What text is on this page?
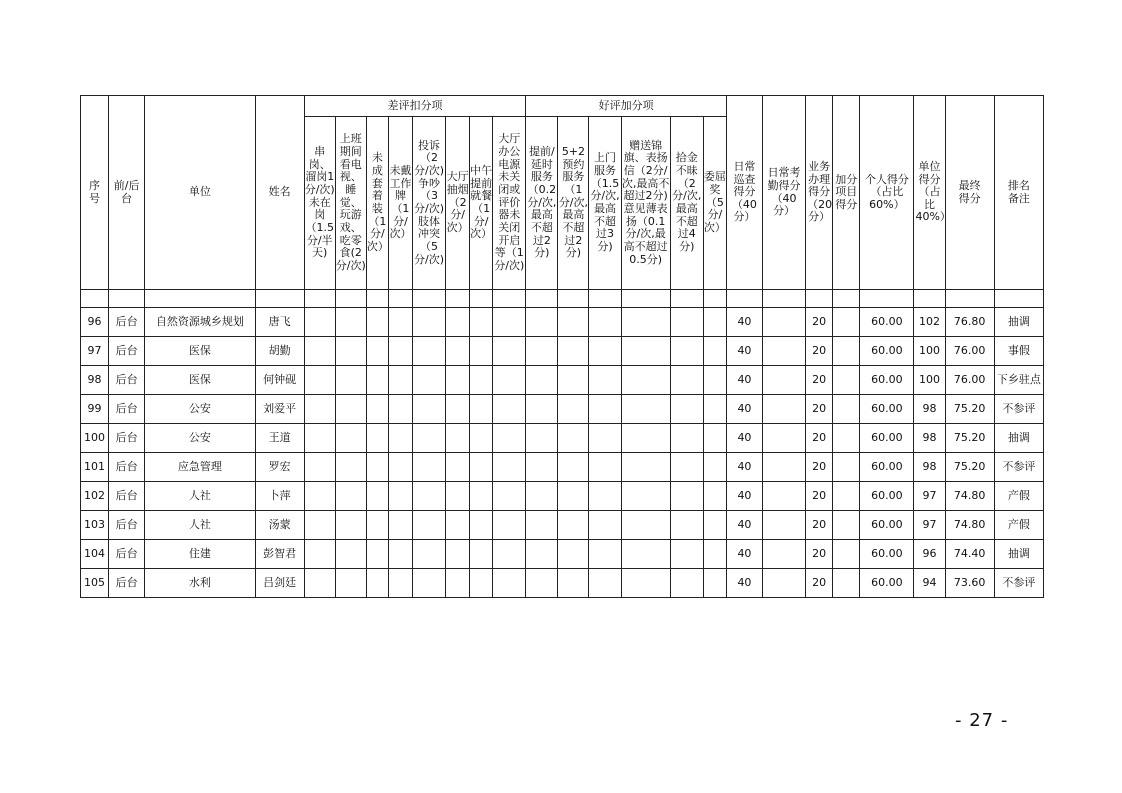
序号	前/后台	单位	姓名	差评扣分项								好评加分项						日常巡查得分（40分）	日常考勤得分（40分）	业务办理得分（20分）	加分项目得分	个人得分（占比60%）	单位得分（占比40%）	最终得分	排名备注
				串岗、溜岗1分/次)未在岗（1.5分/半天)	上班期间看电视、睡觉、玩游戏、吃零食(2分/次)	未成套着装（1分/次）	未戴工作牌（1分/次）	投诉（2分/次)争吵（3分/次)肢体冲突（5分/次)	大厅抽烟（2分/次）	中午提前就餐（1分/次）	大厅办公电源未关闭或评价器未关闭开启等（1分/次)	提前/延时服务（0.2分/次,最高不超过2分)	5+2预约服务（1分/次,最高不超过2分)	上门服务（1.5分/次,最高不超过3分)	赠送锦旗、表扬信（2分/次,最高不超过2分)意见薄表扬（0.1分/次,最高不超过0.5分)	拾金不昧（2分/次,最高不超过4分)	委屈奖（5分/次）								

96	后台	自然资源城乡规划	唐飞															40		20		60.00	102	76.80	抽调
97	后台	医保	胡勤															40		20		60.00	100	76.00	事假
98	后台	医保	何钟砚															40		20		60.00	100	76.00	下乡驻点
99	后台	公安	刘爱平															40		20		60.00	98	75.20	不参评
100	后台	公安	王道															40		20		60.00	98	75.20	抽调
101	后台	应急管理	罗宏															40		20		60.00	98	75.20	不参评
102	后台	人社	卜萍															40		20		60.00	97	74.80	产假
103	后台	人社	汤蒙															40		20		60.00	97	74.80	产假
104	后台	住建	彭智君															40		20		60.00	96	74.40	抽调
105	后台	水利	吕剑廷															40		20		60.00	94	73.60	不参评
- 27 -
